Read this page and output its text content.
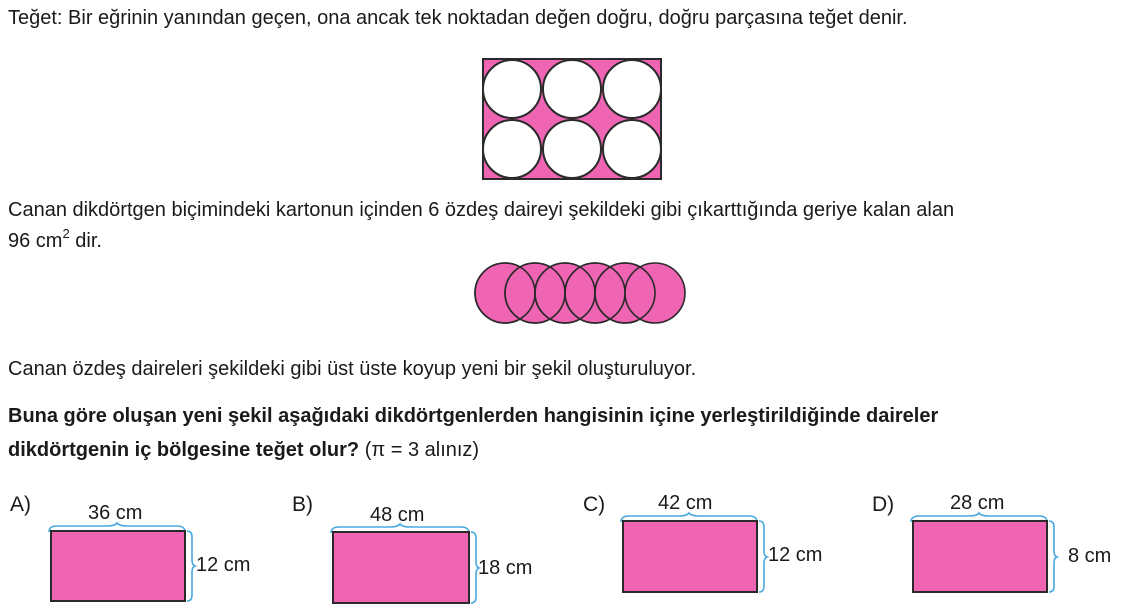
Teğet: Bir eğrinin yanından geçen, ona ancak tek noktadan değen doğru, doğru parçasına teğet denir.
Canan dikdörtgen biçimindeki kartonun içinden 6 özdeş daireyi şekildeki gibi çıkarttığında geriye kalan alan
96 $cm^2$ dir.
Canan özdeş daireleri şekildeki gibi üst üste koyup yeni bir şekil oluşturuluyor.
Buna göre oluşan yeni şekil aşağıdaki dikdörtgenlerden hangisinin içine yerleştirildiğinde daireler
dikdörtgenin iç bölgesine teğet olur? (π = 3 alınız)
A)	36 cm
12 cm
B)	48 cm
18 cm
C)	42 cm
12 cm
D)	28 cm
8 cm
